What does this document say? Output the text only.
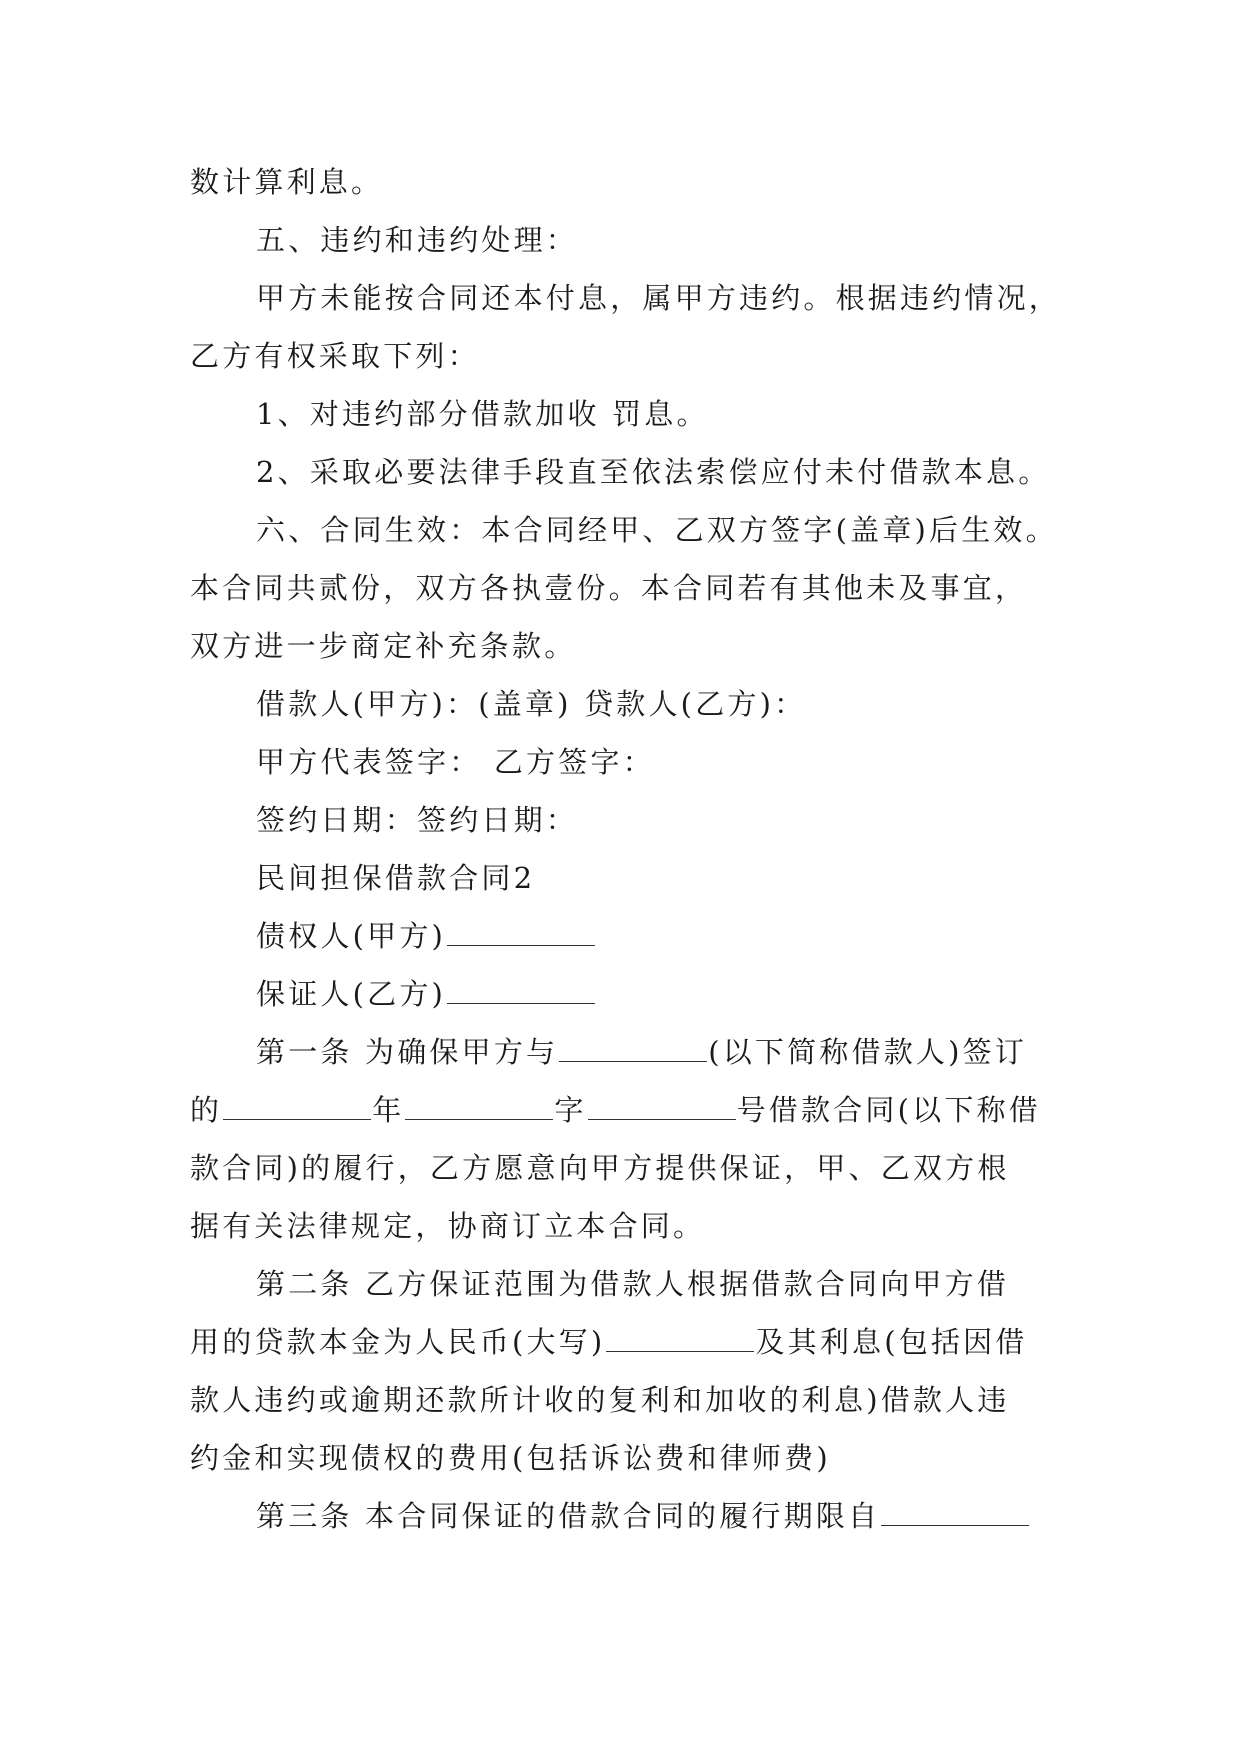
数计算利息。
五、违约和违约处理：
甲方未能按合同还本付息，属甲方违约。根据违约情况，
乙方有权采取下列：
1、对违约部分借款加收 罚息。
2、采取必要法律手段直至依法索偿应付未付借款本息。
六、合同生效：本合同经甲、乙双方签字(盖章)后生效。
本合同共贰份，双方各执壹份。本合同若有其他未及事宜，
双方进一步商定补充条款。
借款人(甲方)：(盖章) 贷款人(乙方)：
甲方代表签字： 乙方签字：
签约日期：签约日期：
民间担保借款合同2
债权人(甲方)
保证人(乙方)
第一条 为确保甲方与	(以下简称借款人)签订
的	年	字	号借款合同(以下称借
款合同)的履行，乙方愿意向甲方提供保证，甲、乙双方根
据有关法律规定，协商订立本合同。
第二条 乙方保证范围为借款人根据借款合同向甲方借
用的贷款本金为人民币(大写)	及其利息(包括因借
款人违约或逾期还款所计收的复利和加收的利息)借款人违
约金和实现债权的费用(包括诉讼费和律师费)
第三条 本合同保证的借款合同的履行期限自
